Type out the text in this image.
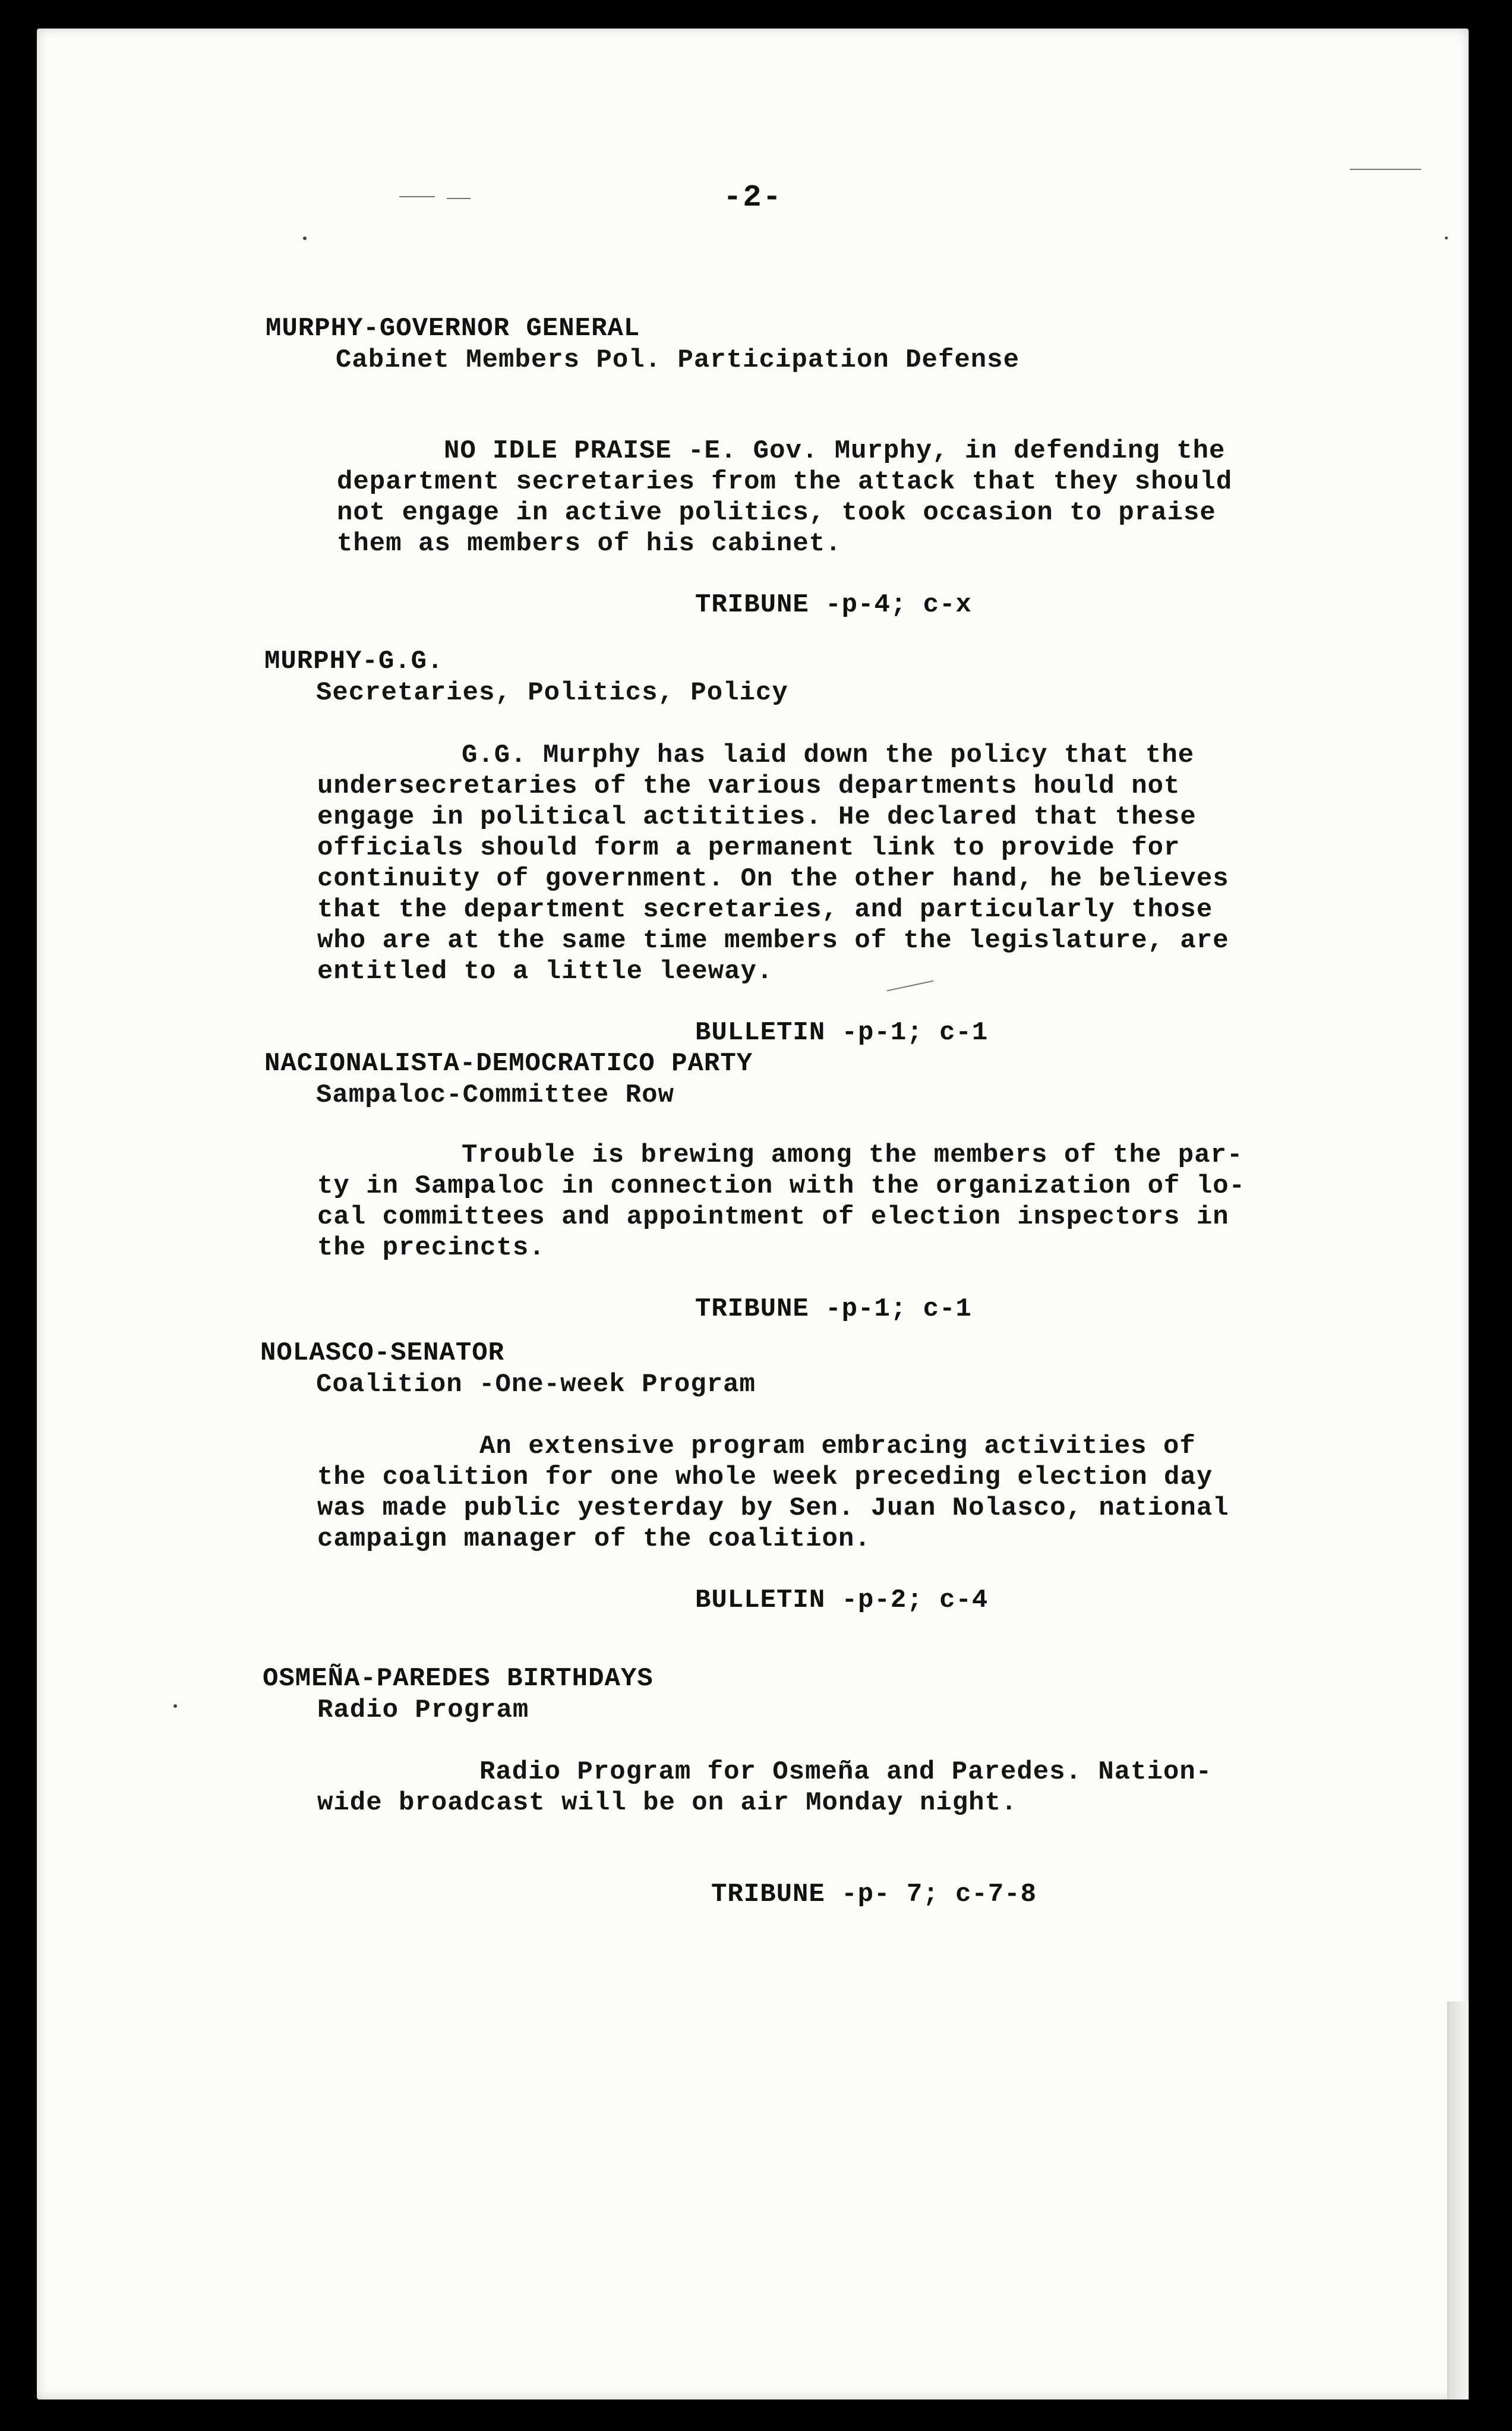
-2-
MURPHY-GOVERNOR GENERAL
Cabinet Members Pol. Participation Defense
NO IDLE PRAISE -E. Gov. Murphy, in defending the
department secretaries from the attack that they should
not engage in active politics, took occasion to praise
them as members of his cabinet.
TRIBUNE -p-4; c-x
MURPHY-G.G.
Secretaries, Politics, Policy
G.G. Murphy has laid down the policy that the
undersecretaries of the various departments hould not
engage in political actitities. He declared that these
officials should form a permanent link to provide for
continuity of government. On the other hand, he believes
that the department secretaries, and particularly those
who are at the same time members of the legislature, are
entitled to a little leeway.
BULLETIN -p-1; c-1
NACIONALISTA-DEMOCRATICO PARTY
Sampaloc-Committee Row
Trouble is brewing among the members of the par-
ty in Sampaloc in connection with the organization of lo-
cal committees and appointment of election inspectors in
the precincts.
TRIBUNE -p-1; c-1
NOLASCO-SENATOR
Coalition -One-week Program
An extensive program embracing activities of
the coalition for one whole week preceding election day
was made public yesterday by Sen. Juan Nolasco, national
campaign manager of the coalition.
BULLETIN -p-2; c-4
OSMEÑA-PAREDES BIRTHDAYS
Radio Program
Radio Program for Osmeña and Paredes. Nation-
wide broadcast will be on air Monday night.
TRIBUNE -p- 7; c-7-8
